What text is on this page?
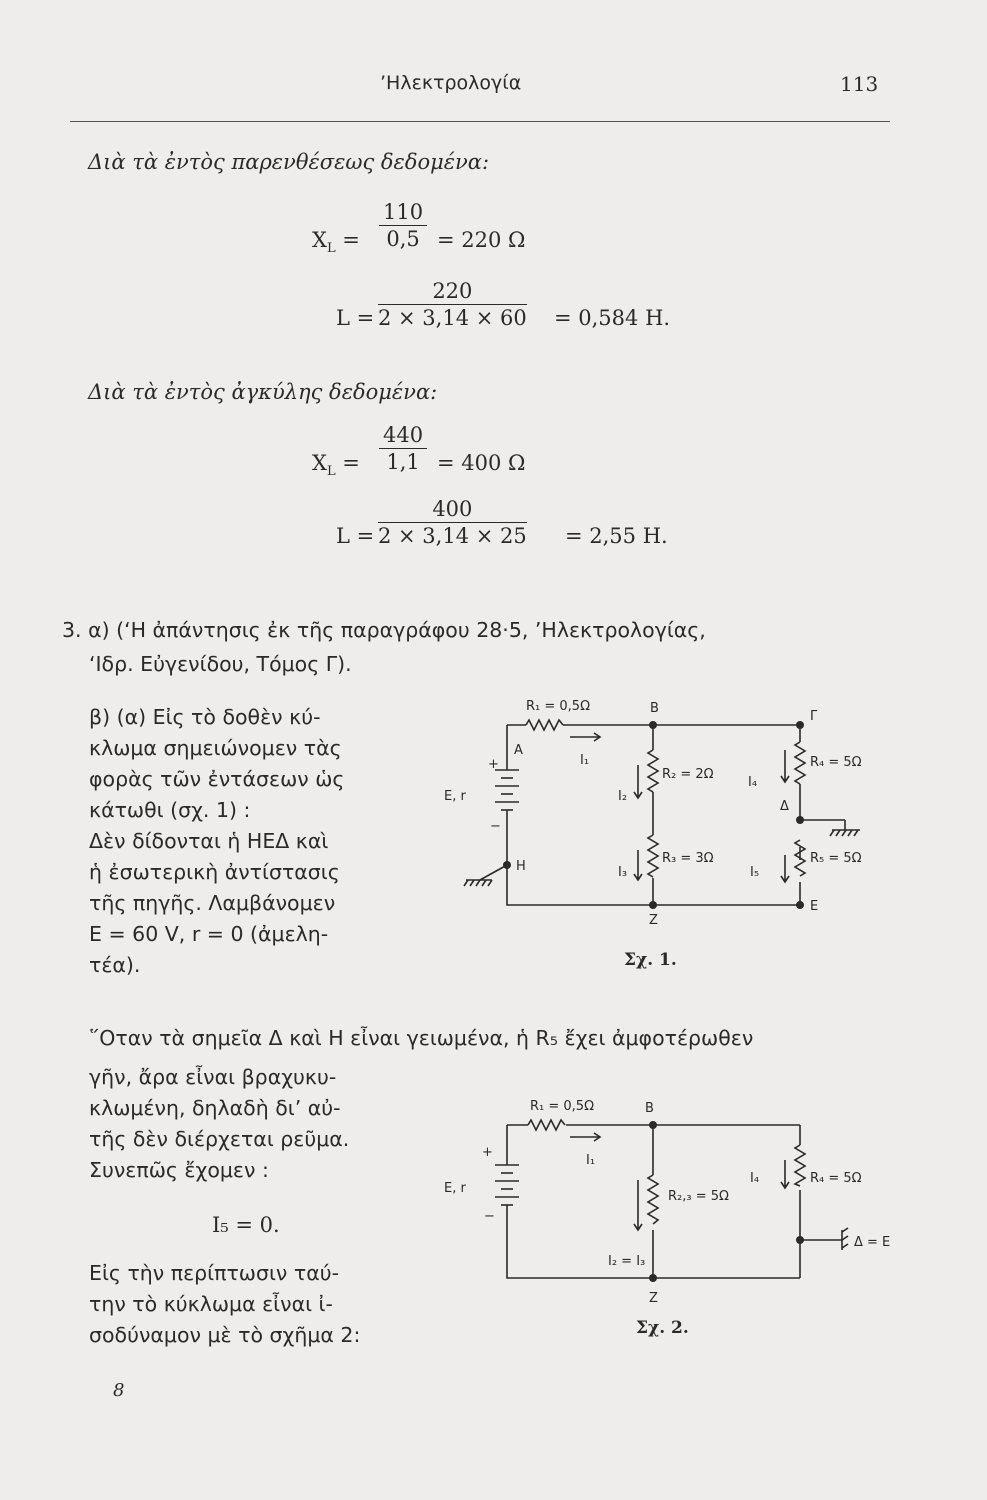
’Ηλεκτρολογία	113
Διὰ τὰ ἐντὸς παρενθέσεως δεδομένα:
$X_L = \frac{110}{0,5} = 220$ Ω
$L = \frac{220}{2 \times 3,14 \times 60} = 0,584$ H.
Διὰ τὰ ἐντὸς ἀγκύλης δεδομένα:
$X_L = \frac{440}{1,1} = 400$ Ω
$L = \frac{400}{2 \times 3,14 \times 25} = 2,55$ H.
3. α) (‘Η ἀπάντησις ἐκ τῆς παραγράφου 28·5, ’Ηλεκτρολογίας,
‘Ιδρ. Εὐγενίδου, Τόμος Γ).
β) (α) Εἰς τὸ δοθὲν κύ-
κλωμα σημειώνομεν τὰς
φορὰς τῶν ἐντάσεων ὡς
κάτωθι (σχ. 1) :
Δὲν δίδονται ἡ ΗΕΔ καὶ
ἡ ἐσωτερικὴ ἀντίστασις
τῆς πηγῆς. Λαμβάνομεν
E = 60 V, r = 0 (ἀμελη-
τέα).
῞Οταν τὰ σημεῖα Δ καὶ Η εἶναι γειωμένα, ἡ R₅ ἔχει ἀμφοτέρωθεν
γῆν, ἄρα εἶναι βραχυκυ-
κλωμένη, δηλαδὴ δι’ αὐ-
τῆς δὲν διέρχεται ρεῦμα.
Συνεπῶς ἔχομεν :
I₅ = 0.
Εἰς τὴν περίπτωσιν ταύ-
την τὸ κύκλωμα εἶναι ἰ-
σοδύναμον μὲ τὸ σχῆμα 2:
R₁ = 0,5Ω	B
Γ
A
I₁
+
−
E, r	I₂
R₂ = 2Ω
I₄
R₄ = 5Ω
Δ
I₃
R₃ = 3Ω
I₅
R₅ = 5Ω
H
Z
E
Σχ. 1.
R₁ = 0,5Ω	B
I₁
+
−
E, r
R₂,₃ = 5Ω
I₄	R₄ = 5Ω
Δ = E
I₂ = I₃
Z
Σχ. 2.
8
